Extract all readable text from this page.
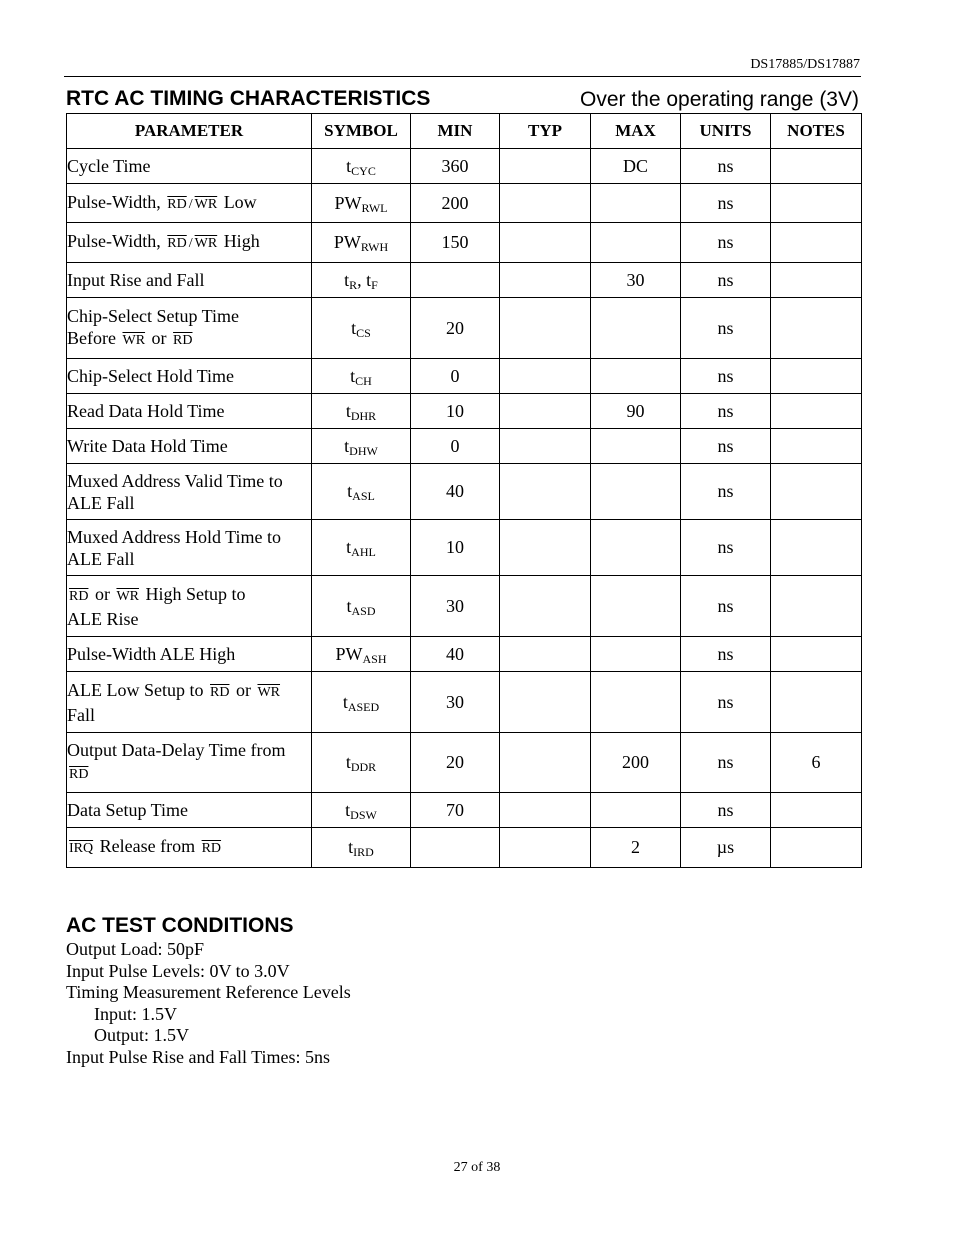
DS17885/DS17887
RTC AC TIMING CHARACTERISTICS	Over the operating range (3V)
PARAMETER	SYMBOL	MIN	TYP	MAX	UNITS	NOTES
Cycle Time	$t_{CYC}$	360		DC	ns	
Pulse-Width, $\overline{RD} / \overline{WR}$ Low	$PW_{RWL}$	200			ns	
Pulse-Width, $\overline{RD} / \overline{WR}$ High	$PW_{RWH}$	150			ns	
Input Rise and Fall	$t_R$, $t_F$			30	ns	
Chip-Select Setup Time
Before $\overline{WR}$ or $\overline{RD}$	$t_{CS}$	20			ns	
Chip-Select Hold Time	$t_{CH}$	0			ns	
Read Data Hold Time	$t_{DHR}$	10		90	ns	
Write Data Hold Time	$t_{DHW}$	0			ns	
Muxed Address Valid Time to
ALE Fall	$t_{ASL}$	40			ns	
Muxed Address Hold Time to
ALE Fall	$t_{AHL}$	10			ns	
$\overline{RD}$ or $\overline{WR}$ High Setup to
ALE Rise	$t_{ASD}$	30			ns	
Pulse-Width ALE High	$PW_{ASH}$	40			ns	
ALE Low Setup to $\overline{RD}$ or $\overline{WR}$
Fall	$t_{ASED}$	30			ns	
Output Data-Delay Time from
$\overline{RD}$	$t_{DDR}$	20		200	ns	6
Data Setup Time	$t_{DSW}$	70			ns	
$\overline{IRQ}$ Release from $\overline{RD}$	$t_{IRD}$			2	µs	
AC TEST CONDITIONS
Output Load: 50pF
Input Pulse Levels: 0V to 3.0V
Timing Measurement Reference Levels
Input: 1.5V
Output: 1.5V
Input Pulse Rise and Fall Times: 5ns
27 of 38
